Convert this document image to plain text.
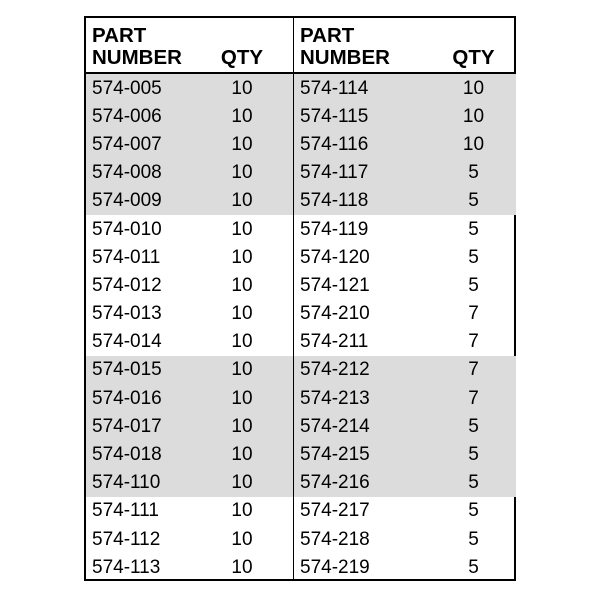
PART
NUMBER	QTY
PART
NUMBER	QTY
574-005	10	574-114	10
574-006	10	574-115	10
574-007	10	574-116	10
574-008	10	574-117	5
574-009	10	574-118	5
574-010	10	574-119	5
574-011	10	574-120	5
574-012	10	574-121	5
574-013	10	574-210	7
574-014	10	574-211	7
574-015	10	574-212	7
574-016	10	574-213	7
574-017	10	574-214	5
574-018	10	574-215	5
574-110	10	574-216	5
574-111	10	574-217	5
574-112	10	574-218	5
574-113	10	574-219	5
